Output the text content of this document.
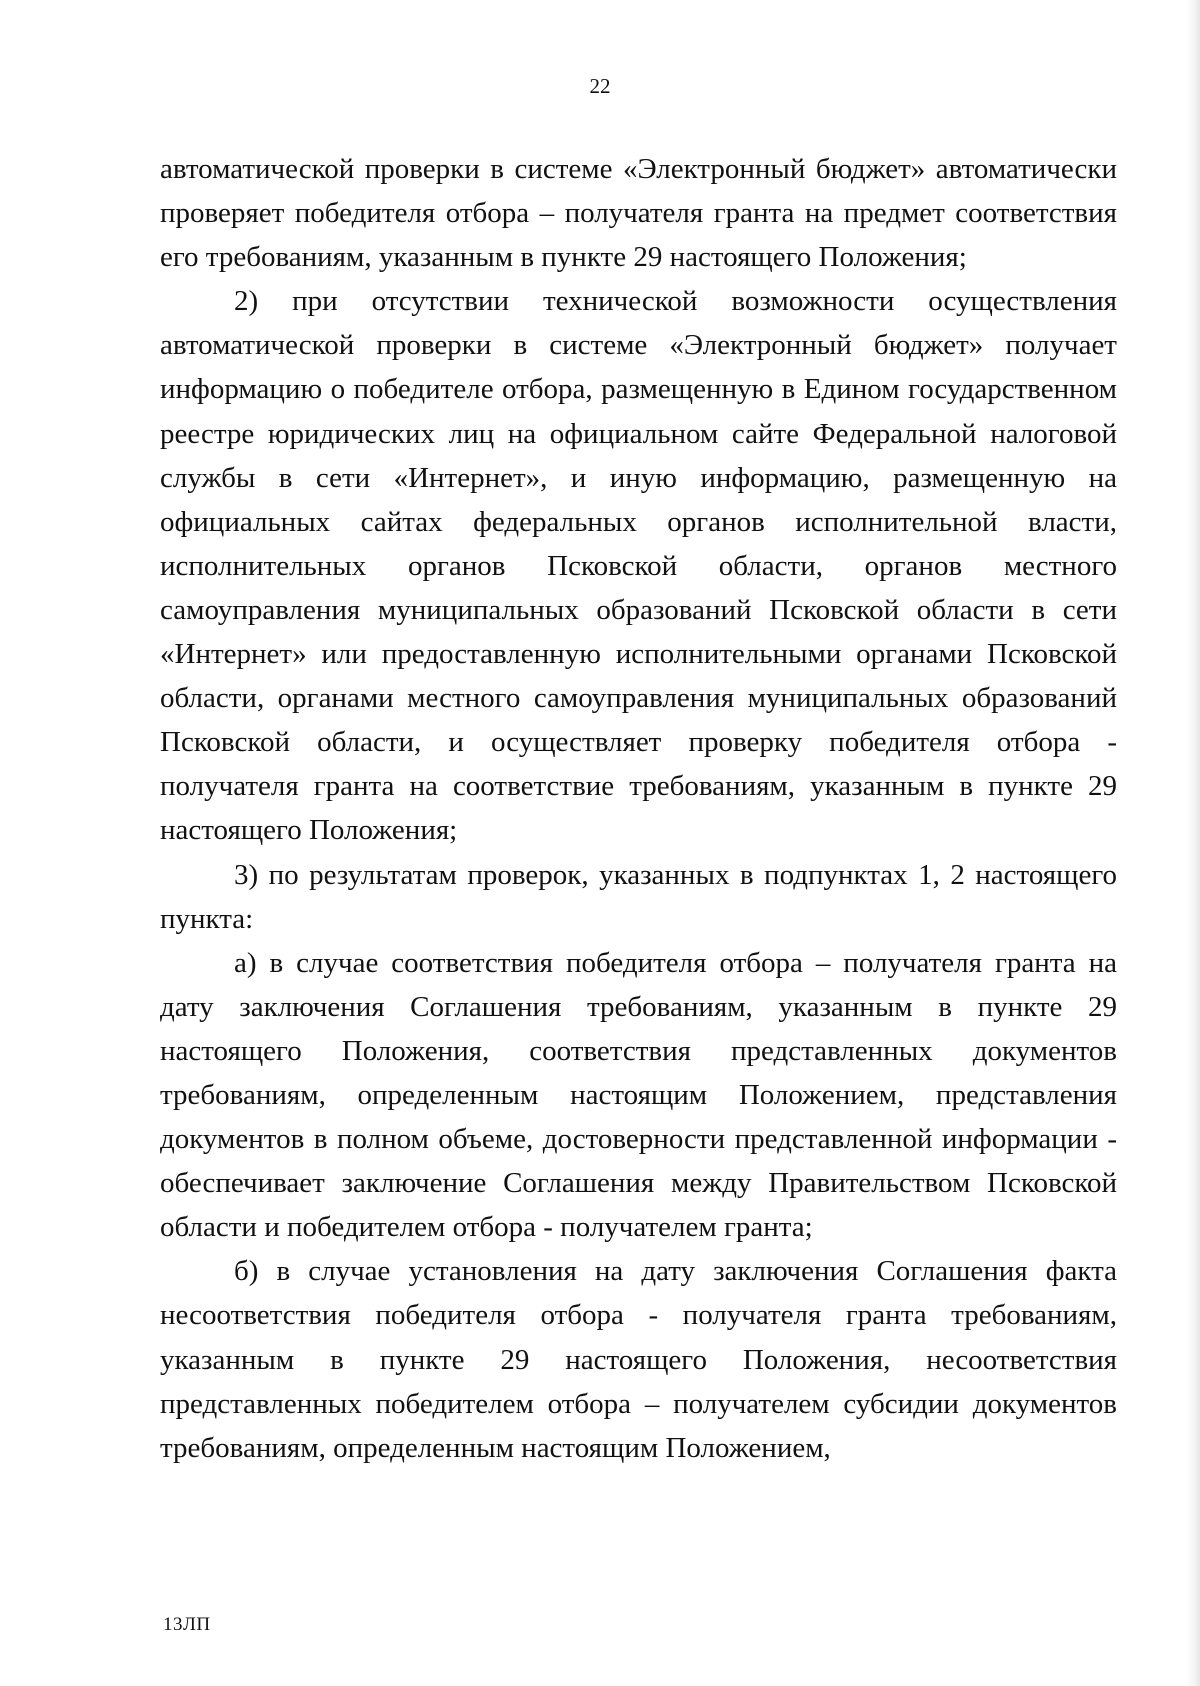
22

автоматической проверки в системе «Электронный бюджет» автоматически проверяет победителя отбора – получателя гранта на предмет соответствия его требованиям, указанным в пункте 29 настоящего Положения;

2) при отсутствии технической возможности осуществления автоматической проверки в системе «Электронный бюджет» получает информацию о победителе отбора, размещенную в Едином государственном реестре юридических лиц на официальном сайте Федеральной налоговой службы в сети «Интернет», и иную информацию, размещенную на официальных сайтах федеральных органов исполнительной власти, исполнительных органов Псковской области, органов местного самоуправления муниципальных образований Псковской области в сети «Интернет» или предоставленную исполнительными органами Псковской области, органами местного самоуправления муниципальных образований Псковской области, и осуществляет проверку победителя отбора - получателя гранта на соответствие требованиям, указанным в пункте 29 настоящего Положения;

3) по результатам проверок, указанных в подпунктах 1, 2 настоящего пункта:

а) в случае соответствия победителя отбора – получателя гранта на дату заключения Соглашения требованиям, указанным в пункте 29 настоящего Положения, соответствия представленных документов требованиям, определенным настоящим Положением, представления документов в полном объеме, достоверности представленной информации - обеспечивает заключение Соглашения между Правительством Псковской области и победителем отбора - получателем гранта;

б) в случае установления на дату заключения Соглашения факта несоответствия победителя отбора - получателя гранта требованиям, указанным в пункте 29 настоящего Положения, несоответствия представленных победителем отбора – получателем субсидии документов требованиям, определенным настоящим Положением,

13ЛП
